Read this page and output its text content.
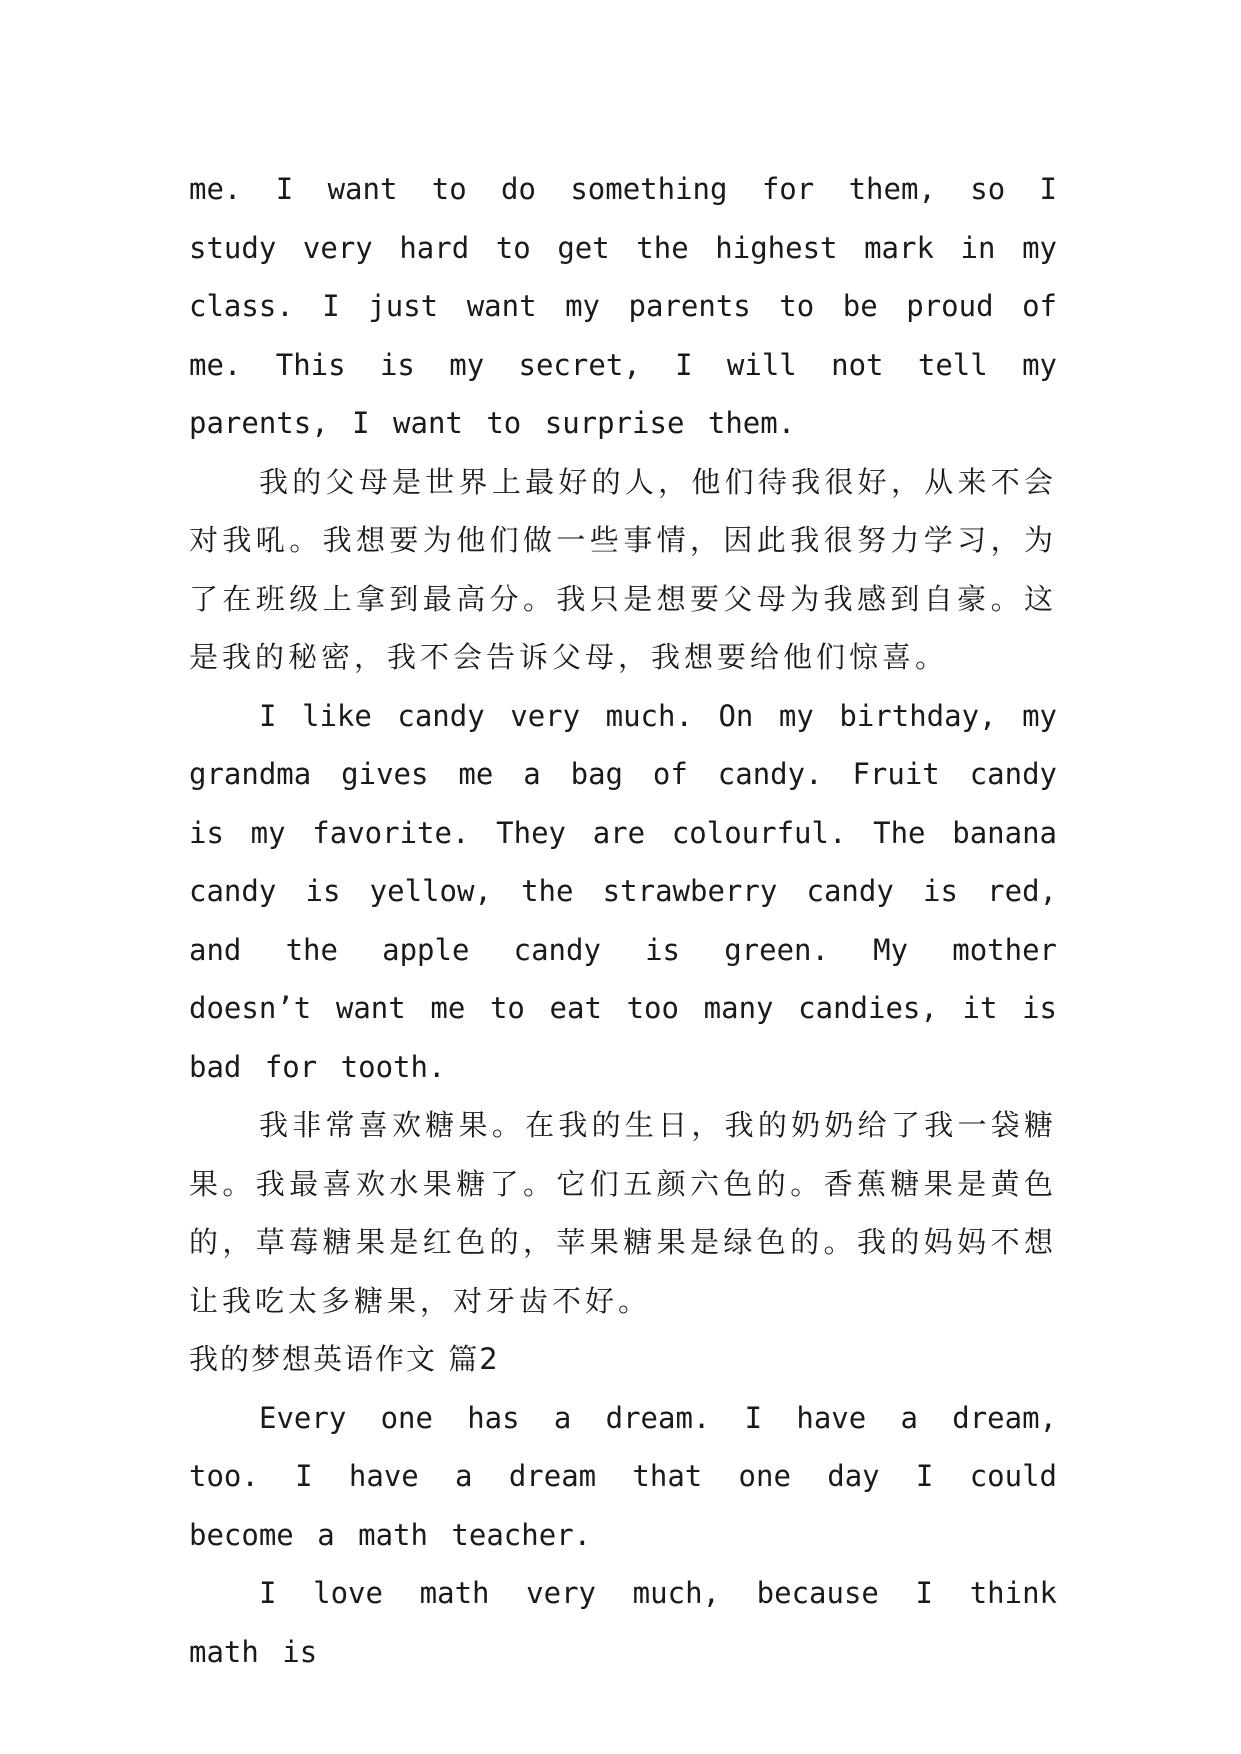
me. I want to do something for them, so I study very hard to get the highest mark in my class. I just want my parents to be proud of me. This is my secret, I will not tell my parents, I want to surprise them.

我的父母是世界上最好的人，他们待我很好，从来不会对我吼。我想要为他们做一些事情，因此我很努力学习，为了在班级上拿到最高分。我只是想要父母为我感到自豪。这是我的秘密，我不会告诉父母，我想要给他们惊喜。

I like candy very much. On my birthday, my grandma gives me a bag of candy. Fruit candy is my favorite. They are colourful. The banana candy is yellow, the strawberry candy is red, and the apple candy is green. My mother doesn’t want me to eat too many candies, it is bad for tooth.

我非常喜欢糖果。在我的生日，我的奶奶给了我一袋糖果。我最喜欢水果糖了。它们五颜六色的。香蕉糖果是黄色的，草莓糖果是红色的，苹果糖果是绿色的。我的妈妈不想让我吃太多糖果，对牙齿不好。

我的梦想英语作文 篇2

Every one has a dream. I have a dream, too. I have a dream that one day I could become a math teacher.

I love math very much, because I think math is
